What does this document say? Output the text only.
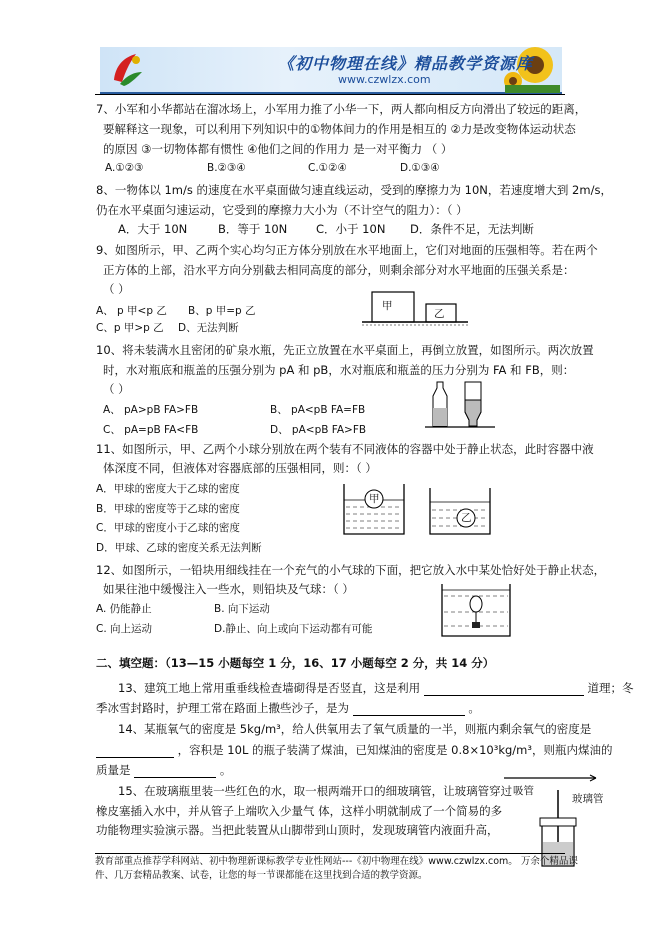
《初中物理在线》精品教学资源库
www.czwlzx.com
7、小军和小华都站在溜冰场上，小军用力推了小华一下，两人都向相反方向滑出了较远的距离，
要解释这一现象，可以利用下列知识中的①物体间力的作用是相互的 ②力是改变物体运动状态
的原因 ③一切物体都有惯性 ④他们之间的作用力 是一对平衡力 （ ）
A.①②③	B.②③④	C.①②④	D.①③④
8、一物体以 1m/s 的速度在水平桌面做匀速直线运动，受到的摩擦力为 10N，若速度增大到 2m/s，
仍在水平桌面匀速运动，它受到的摩擦力大小为（不计空气的阻力）：（ ）
A．大于 10N	B．等于 10N C．小于 10N D．条件不足，无法判断
9、如图所示，甲、乙两个实心均匀正方体分别放在水平地面上，它们对地面的压强相等。若在两个
正方体的上部，沿水平方向分别截去相同高度的部分，则剩余部分对水平地面的压强关系是：
（ ）
A、 p 甲<p 乙 B、p 甲=p 乙
C、p 甲>p 乙 D、无法判断
甲
乙
10、将未装满水且密闭的矿泉水瓶，先正立放置在水平桌面上，再倒立放置，如图所示。两次放置
时，水对瓶底和瓶盖的压强分别为 pA 和 pB，水对瓶底和瓶盖的压力分别为 FA 和 FB，则：
（ ）
A、 pA>pB FA>FB	B、 pA<pB FA=FB
C、 pA=pB FA<FB	D、 pA<pB FA>FB
11、如图所示，甲、乙两个小球分别放在两个装有不同液体的容器中处于静止状态，此时容器中液
体深度不同，但液体对容器底部的压强相同，则：（ ）
A．甲球的密度大于乙球的密度
B．甲球的密度等于乙球的密度
C．甲球的密度小于乙球的密度
D．甲球、乙球的密度关系无法判断
甲
乙
12、如图所示，一铅块用细线挂在一个充气的小气球的下面，把它放入水中某处恰好处于静止状态，
如果往池中缓慢注入一些水，则铅块及气球：（ ）
A. 仍能静止	B. 向下运动
C. 向上运动	D.静止、向上或向下运动都有可能
二、填空题：（13—15 小题每空 1 分，16、17 小题每空 2 分，共 14 分）
13、建筑工地上常用重垂线检查墙砌得是否竖直，这是利用	道理；冬
季冰雪封路时，护理工常在路面上撒些沙子，是为	。
14、某瓶氧气的密度是 5kg/m³，给人供氧用去了氧气质量的一半，则瓶内剩余氧气的密度是
，容积是 10L 的瓶子装满了煤油，已知煤油的密度是 0.8×10³kg/m³，则瓶内煤油的
质量是	。
15、在玻璃瓶里装一些红色的水，取一根两端开口的细玻璃管，让玻璃管穿过
橡皮塞插入水中，并从管子上端吹入少量气 体，这样小明就制成了一个简易的多
功能物理实验演示器。当把此装置从山脚带到山顶时，发现玻璃管内液面升高，
吸管
玻璃管
教育部重点推荐学科网站、初中物理新课标教学专业性网站---《初中物理在线》www.czwlzx.com。 万余个精品课
件、几万套精品教案、试卷，让您的每一节课都能在这里找到合适的教学资源。
